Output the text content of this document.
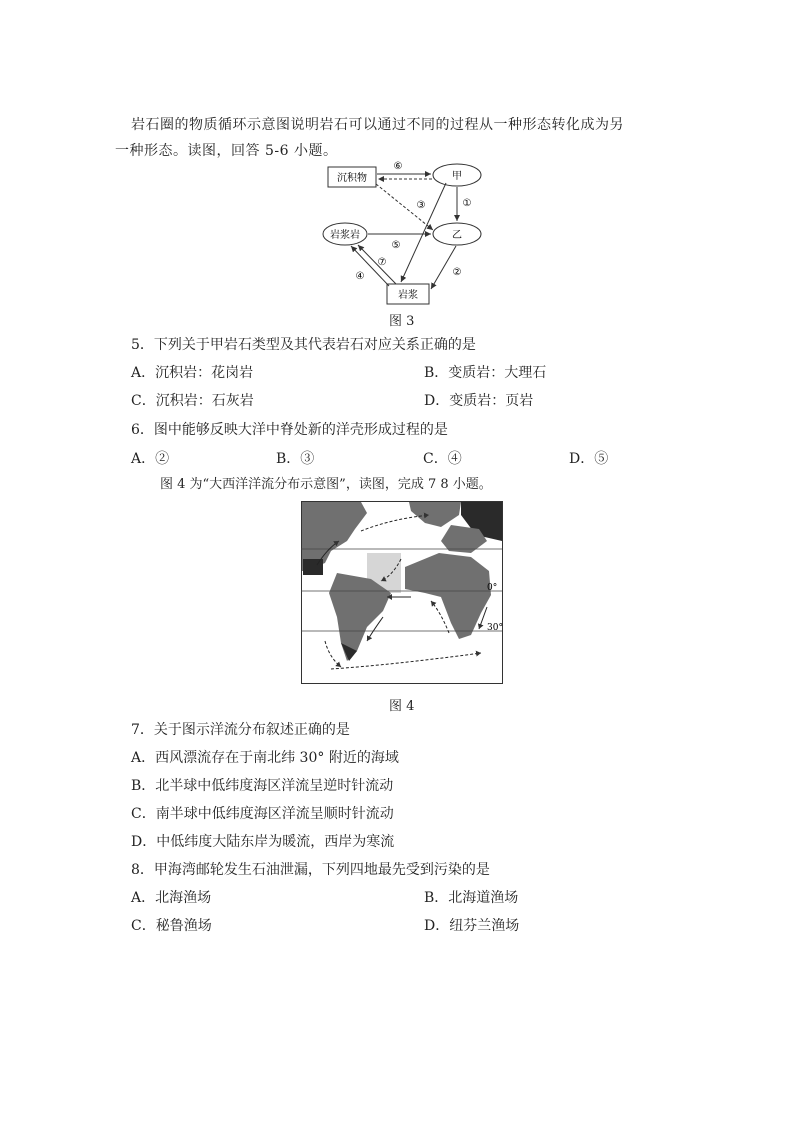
岩石圈的物质循环示意图说明岩石可以通过不同的过程从一种形态转化成为另
一种形态。读图，回答 5-6 小题。
沉积物	甲
岩浆岩	乙
岩浆
⑥
①
③
⑤
⑦
④	②
图 3
5．下列关于甲岩石类型及其代表岩石对应关系正确的是
A．沉积岩：花岗岩	B．变质岩：大理石
C．沉积岩：石灰岩	D．变质岩：页岩
6．图中能够反映大洋中脊处新的洋壳形成过程的是
A．②	B．③	C．④	D．⑤
图 4 为“大西洋洋流分布示意图”，读图，完成 7 8 小题。
0°
30°
图 4
7．关于图示洋流分布叙述正确的是
A．西风漂流存在于南北纬 30° 附近的海域
B．北半球中低纬度海区洋流呈逆时针流动
C．南半球中低纬度海区洋流呈顺时针流动
D．中低纬度大陆东岸为暖流，西岸为寒流
8．甲海湾邮轮发生石油泄漏，下列四地最先受到污染的是
A．北海渔场	B．北海道渔场
C．秘鲁渔场	D．纽芬兰渔场
